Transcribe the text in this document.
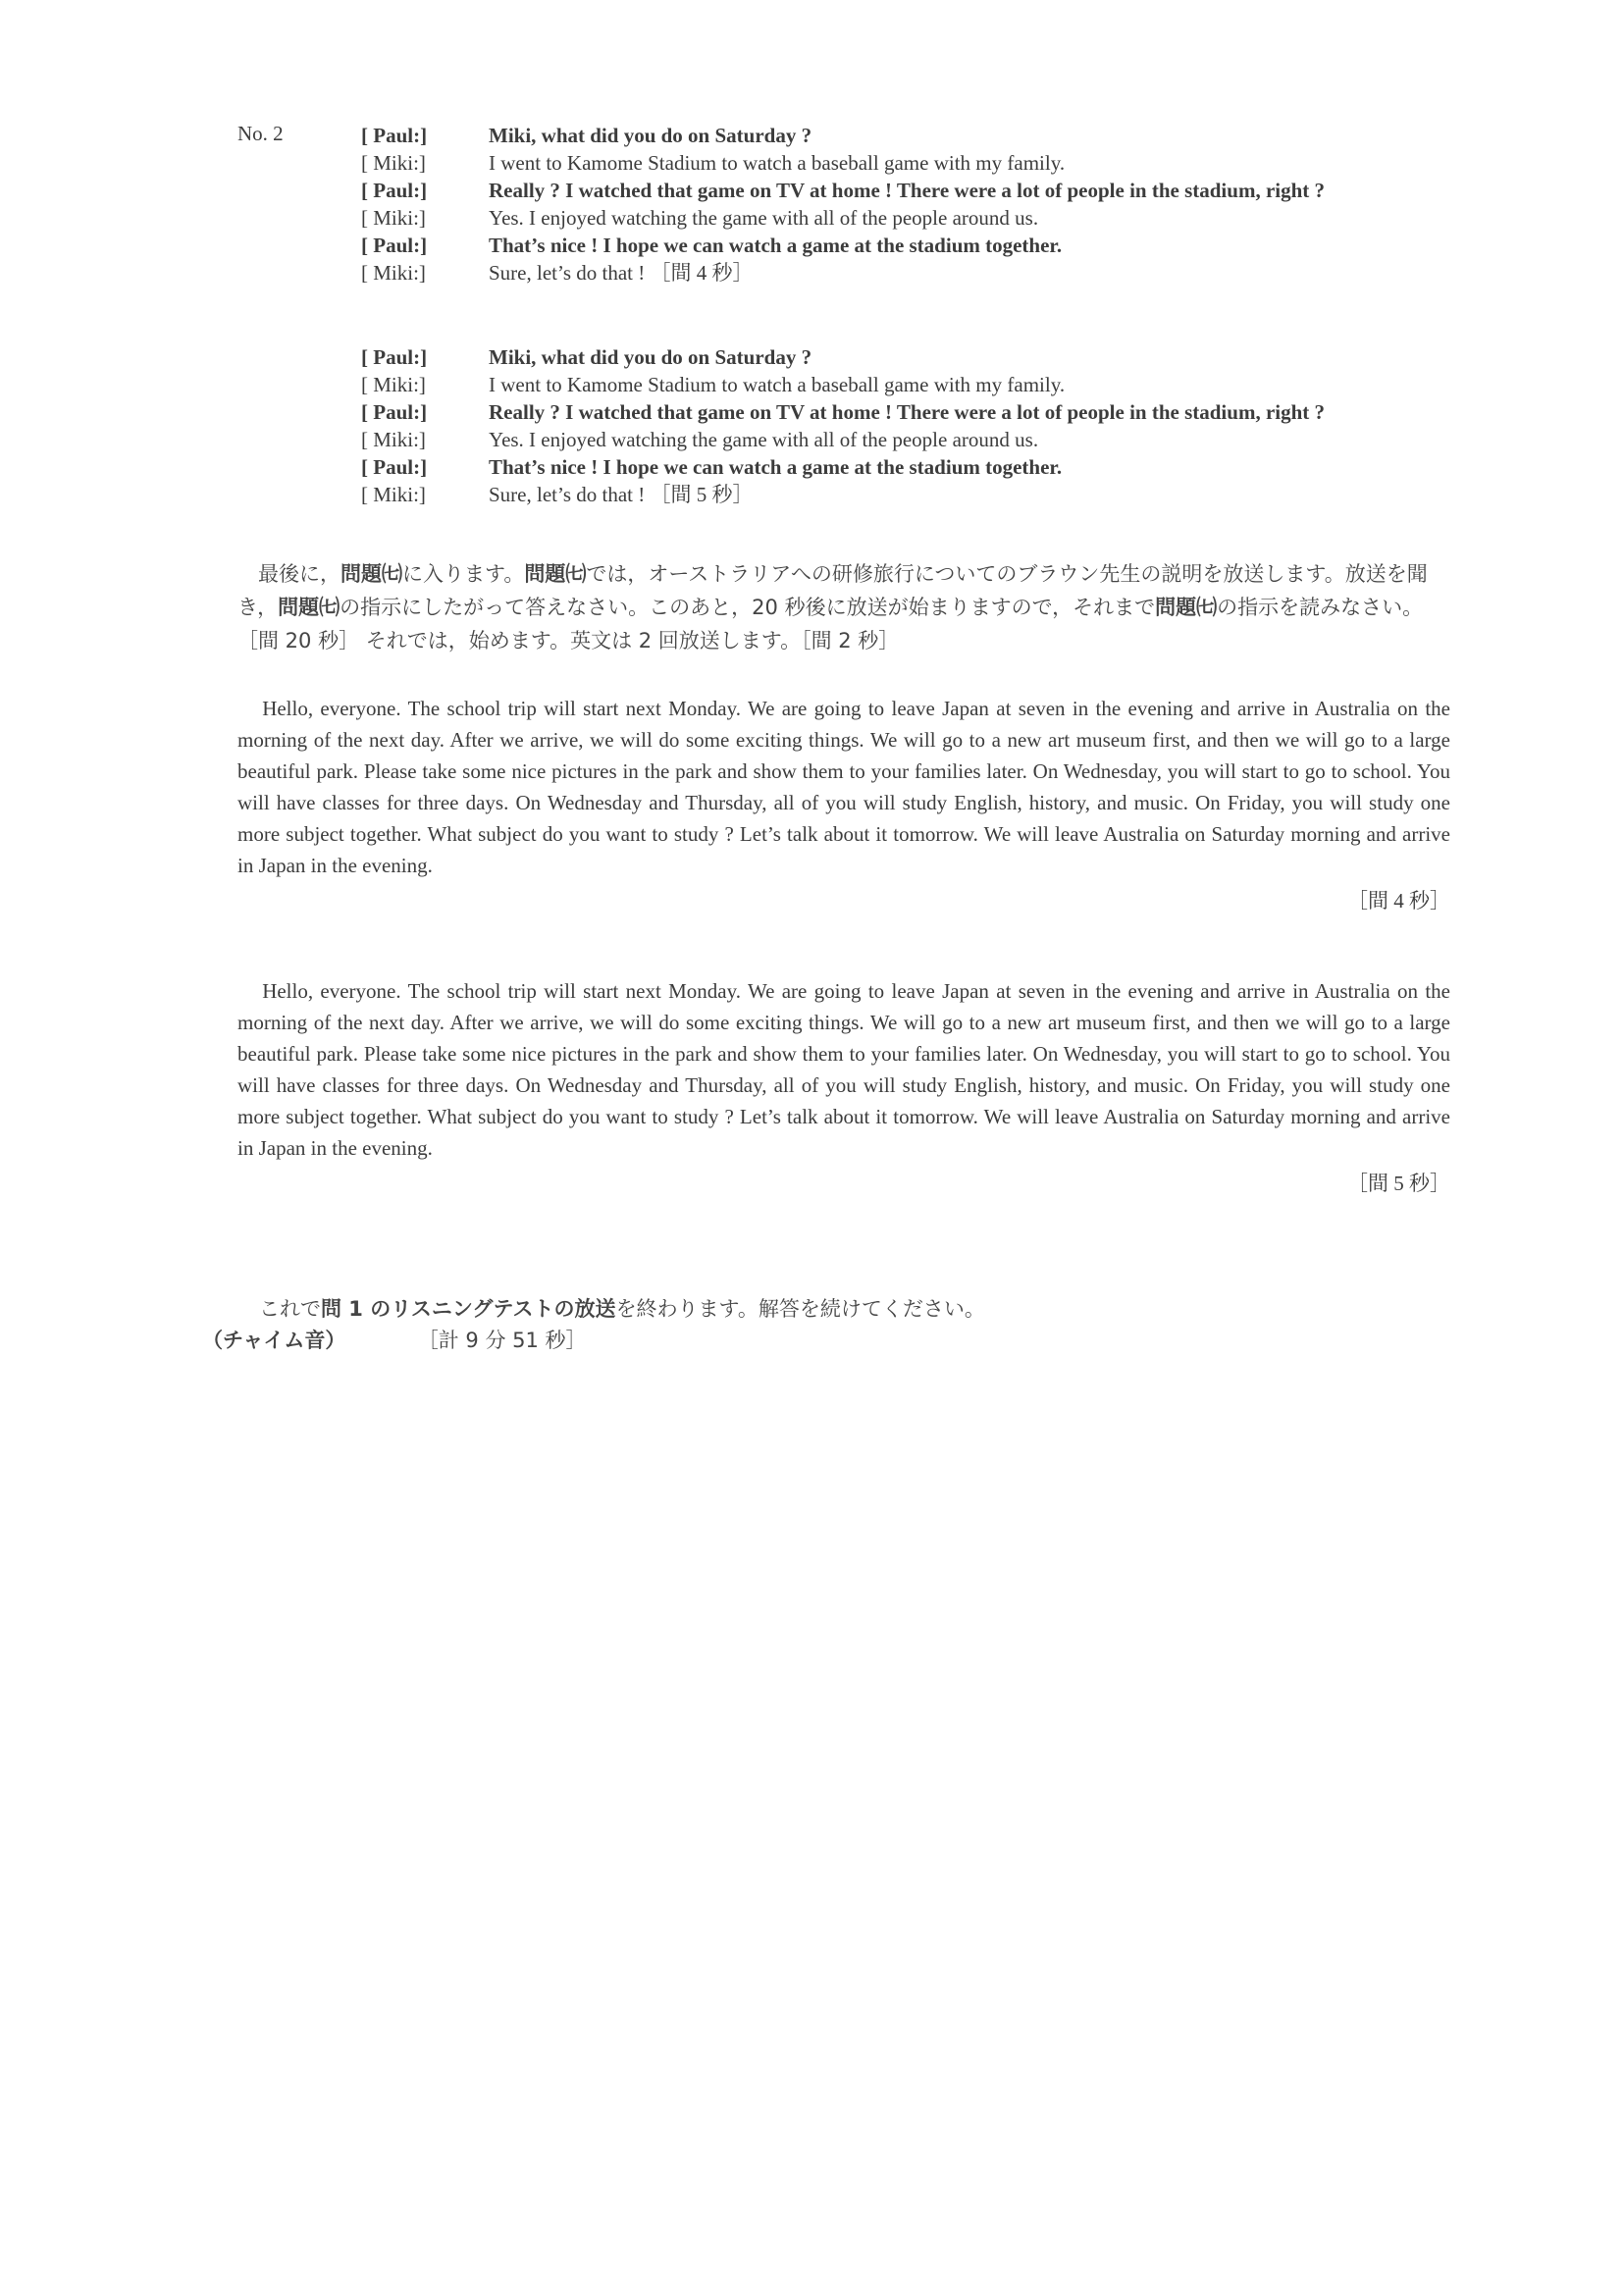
No. 2	[ Paul:]	Miki, what did you do on Saturday ?
[ Miki:]	I went to Kamome Stadium to watch a baseball game with my family.
[ Paul:]	Really ? I watched that game on TV at home ! There were a lot of people in the stadium, right ?
[ Miki:]	Yes. I enjoyed watching the game with all of the people around us.
[ Paul:]	That’s nice ! I hope we can watch a game at the stadium together.
[ Miki:]	Sure, let’s do that ! ［間 4 秒］
[ Paul:]	Miki, what did you do on Saturday ?
[ Miki:]	I went to Kamome Stadium to watch a baseball game with my family.
[ Paul:]	Really ? I watched that game on TV at home ! There were a lot of people in the stadium, right ?
[ Miki:]	Yes. I enjoyed watching the game with all of the people around us.
[ Paul:]	That’s nice ! I hope we can watch a game at the stadium together.
[ Miki:]	Sure, let’s do that ! ［間 5 秒］

最後に，問題㈦に入ります。問題㈦では，オーストラリアへの研修旅行についてのブラウン先生の説明を放送します。放送を聞き，問題㈦の指示にしたがって答えなさい。このあと，20 秒後に放送が始まりますので，それまで問題㈦の指示を読みなさい。［間 20 秒］ それでは，始めます。英文は 2 回放送します。［間 2 秒］

Hello, everyone. The school trip will start next Monday. We are going to leave Japan at seven in the evening and arrive in Australia on the morning of the next day. After we arrive, we will do some exciting things. We will go to a new art museum first, and then we will go to a large beautiful park. Please take some nice pictures in the park and show them to your families later. On Wednesday, you will start to go to school. You will have classes for three days. On Wednesday and Thursday, all of you will study English, history, and music. On Friday, you will study one more subject together. What subject do you want to study ? Let’s talk about it tomorrow. We will leave Australia on Saturday morning and arrive in Japan in the evening.

［間 4 秒］

Hello, everyone. The school trip will start next Monday. We are going to leave Japan at seven in the evening and arrive in Australia on the morning of the next day. After we arrive, we will do some exciting things. We will go to a new art museum first, and then we will go to a large beautiful park. Please take some nice pictures in the park and show them to your families later. On Wednesday, you will start to go to school. You will have classes for three days. On Wednesday and Thursday, all of you will study English, history, and music. On Friday, you will study one more subject together. What subject do you want to study ? Let’s talk about it tomorrow. We will leave Australia on Saturday morning and arrive in Japan in the evening.

［間 5 秒］
これで問 1 のリスニングテストの放送を終わります。解答を続けてください。
（チャイム音）	［計 9 分 51 秒］
